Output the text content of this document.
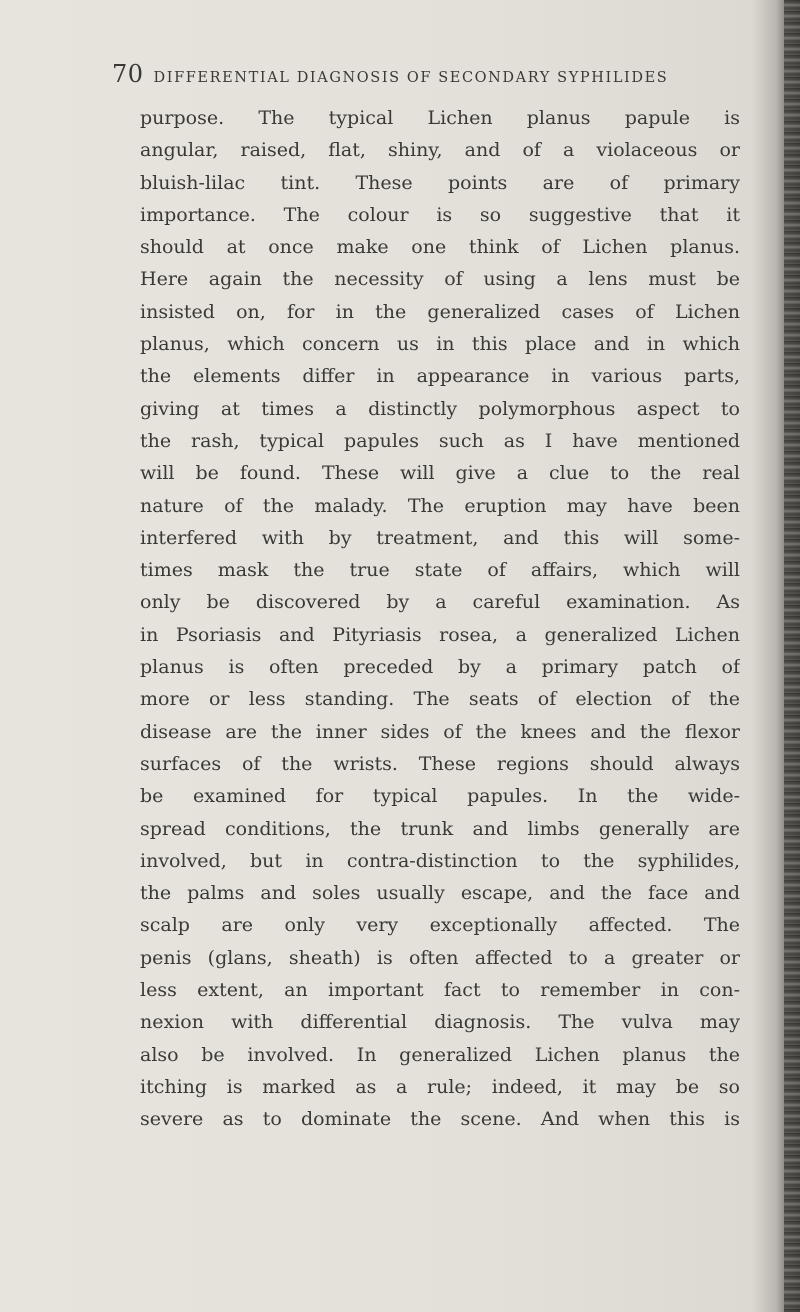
70 DIFFERENTIAL DIAGNOSIS OF SECONDARY SYPHILIDES
purpose. The typical Lichen planus papule is
angular, raised, flat, shiny, and of a violaceous or
bluish-lilac tint. These points are of primary
importance. The colour is so suggestive that it
should at once make one think of Lichen planus.
Here again the necessity of using a lens must be
insisted on, for in the generalized cases of Lichen
planus, which concern us in this place and in which
the elements differ in appearance in various parts,
giving at times a distinctly polymorphous aspect to
the rash, typical papules such as I have mentioned
will be found. These will give a clue to the real
nature of the malady. The eruption may have been
interfered with by treatment, and this will some-
times mask the true state of affairs, which will
only be discovered by a careful examination. As
in Psoriasis and Pityriasis rosea, a generalized Lichen
planus is often preceded by a primary patch of
more or less standing. The seats of election of the
disease are the inner sides of the knees and the flexor
surfaces of the wrists. These regions should always
be examined for typical papules. In the wide-
spread conditions, the trunk and limbs generally are
involved, but in contra-distinction to the syphilides,
the palms and soles usually escape, and the face and
scalp are only very exceptionally affected. The
penis (glans, sheath) is often affected to a greater or
less extent, an important fact to remember in con-
nexion with differential diagnosis. The vulva may
also be involved. In generalized Lichen planus the
itching is marked as a rule; indeed, it may be so
severe as to dominate the scene. And when this is
